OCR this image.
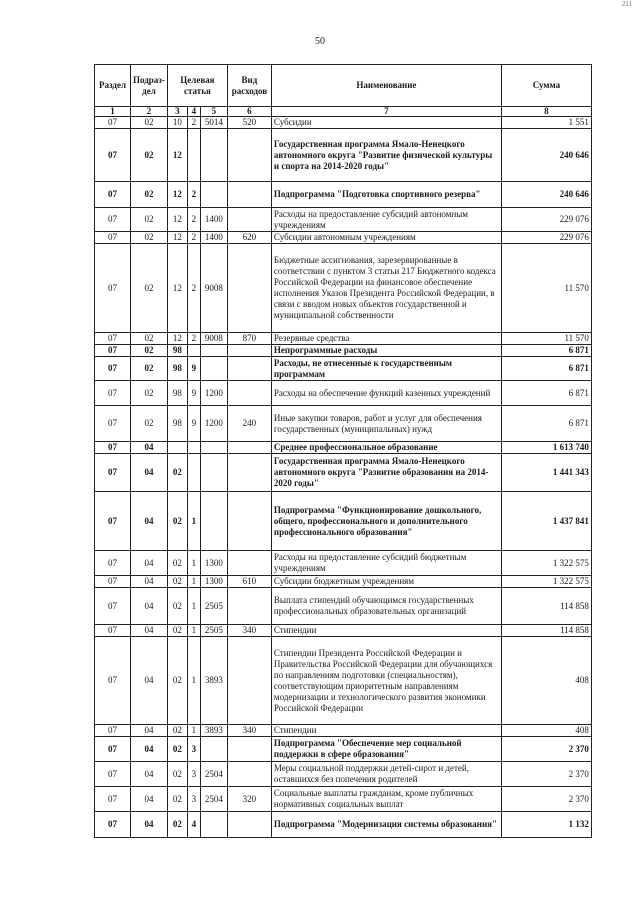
211
50
Раздел	Подраз-дел	Целевая статья			Вид расходов	Наименование	Сумма

1	2	3	4	5	6	7	8
07	02	10	2	5014	520	Субсидии	1 551
07	02	12				Государственная программа Ямало-Ненецкого автономного округа "Развитие физической культуры и спорта на 2014-2020 годы"	240 646
07	02	12	2			Подпрограмма "Подготовка спортивного резерва"	240 646
07	02	12	2	1400		Расходы на предоставление субсидий автономным учреждениям	229 076
07	02	12	2	1400	620	Субсидии автономным учреждениям	229 076
07	02	12	2	9008		Бюджетные ассигнования, зарезервированные в соответствии с пунктом 3 статьи 217 Бюджетного кодекса Российской Федерации на финансовое обеспечение исполнения Указов Президента Российской Федерации, в связи с вводом новых объектов государственной и муниципальной собственности	11 570
07	02	12	2	9008	870	Резервные средства	11 570
07	02	98				Непрограммные расходы	6 871
07	02	98	9			Расходы, не отнесенные к государственным программам	6 871
07	02	98	9	1200		Расходы на обеспечение функций казенных учреждений	6 871
07	02	98	9	1200	240	Иные закупки товаров, работ и услуг для обеспечения государственных (муниципальных) нужд	6 871
07	04					Среднее профессиональное образование	1 613 740
07	04	02				Государственная программа Ямало-Ненецкого автономного округа "Развитие образования на 2014-2020 годы"	1 441 343
07	04	02	1			Подпрограмма "Функционирование дошкольного, общего, профессионального и дополнительного профессионального образования"	1 437 841
07	04	02	1	1300		Расходы на предоставление субсидий бюджетным учреждениям	1 322 575
07	04	02	1	1300	610	Субсидии бюджетным учреждениям	1 322 575
07	04	02	1	2505		Выплата стипендий обучающимся государственных профессиональных образовательных организаций	114 858
07	04	02	1	2505	340	Стипендии	114 858
07	04	02	1	3893		Стипендии Президента Российской Федерации и Правительства Российской Федерации для обучающихся по направлениям подготовки (специальностям), соответствующим приоритетным направлениям модернизации и технологического развития экономики Российской Федерации	408
07	04	02	1	3893	340	Стипендии	408
07	04	02	3			Подпрограмма "Обеспечение мер социальной поддержки в сфере образования"	2 370
07	04	02	3	2504		Меры социальной поддержки детей-сирот и детей, оставшихся без попечения родителей	2 370
07	04	02	3	2504	320	Социальные выплаты гражданам, кроме публичных нормативных социальных выплат	2 370
07	04	02	4			Подпрограмма "Модернизация системы образования"	1 132
